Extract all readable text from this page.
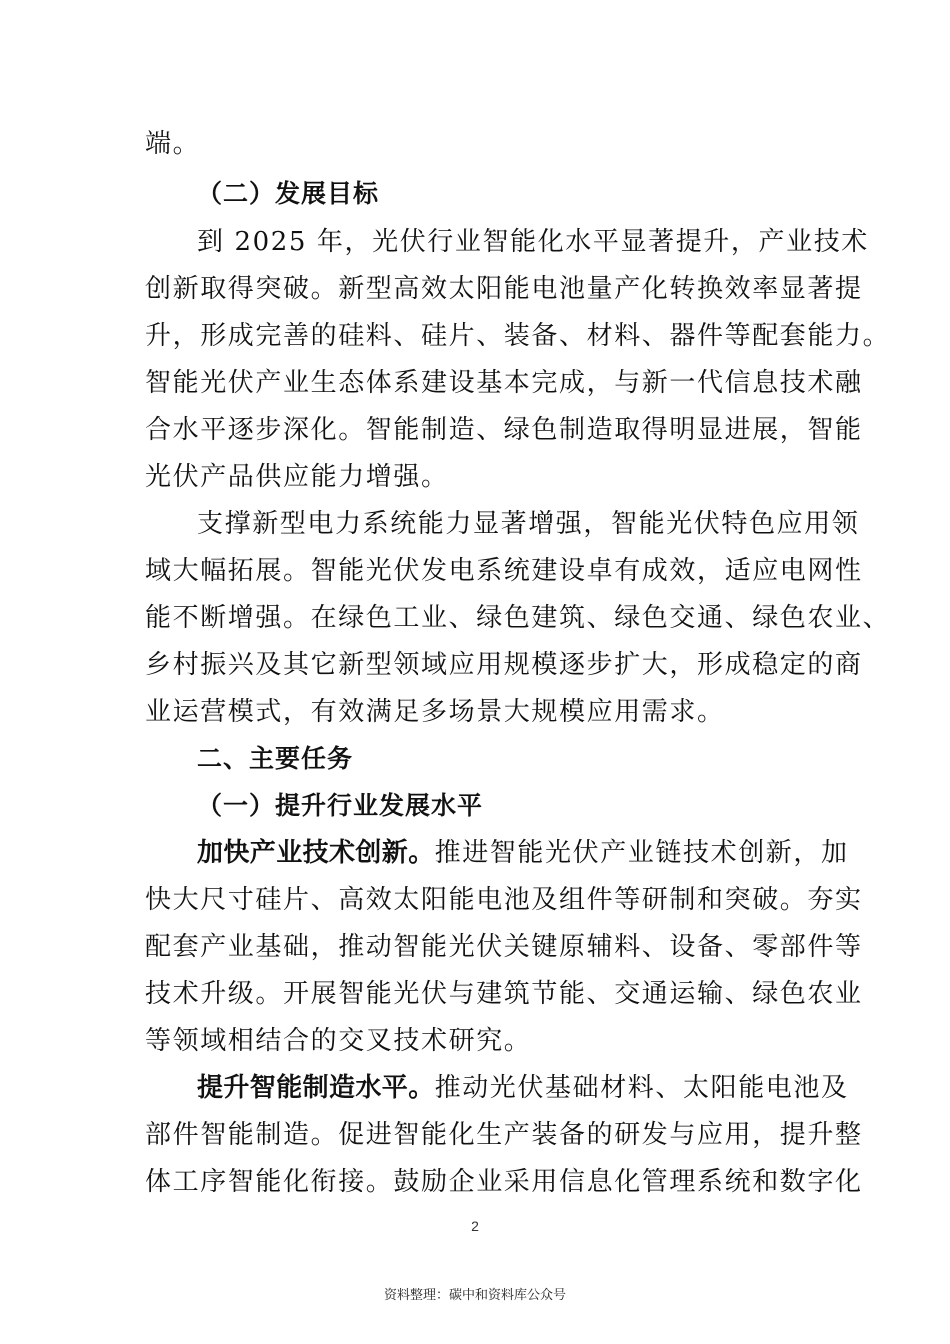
端。
（二）发展目标
到 2025 年，光伏行业智能化水平显著提升，产业技术
创新取得突破。新型高效太阳能电池量产化转换效率显著提
升，形成完善的硅料、硅片、装备、材料、器件等配套能力。
智能光伏产业生态体系建设基本完成，与新一代信息技术融
合水平逐步深化。智能制造、绿色制造取得明显进展，智能
光伏产品供应能力增强。
支撑新型电力系统能力显著增强，智能光伏特色应用领
域大幅拓展。智能光伏发电系统建设卓有成效，适应电网性
能不断增强。在绿色工业、绿色建筑、绿色交通、绿色农业、
乡村振兴及其它新型领域应用规模逐步扩大，形成稳定的商
业运营模式，有效满足多场景大规模应用需求。
二、主要任务
（一）提升行业发展水平
加快产业技术创新。推进智能光伏产业链技术创新，加
快大尺寸硅片、高效太阳能电池及组件等研制和突破。夯实
配套产业基础，推动智能光伏关键原辅料、设备、零部件等
技术升级。开展智能光伏与建筑节能、交通运输、绿色农业
等领域相结合的交叉技术研究。
提升智能制造水平。推动光伏基础材料、太阳能电池及
部件智能制造。促进智能化生产装备的研发与应用，提升整
体工序智能化衔接。鼓励企业采用信息化管理系统和数字化
2
资料整理：碳中和资料库公众号
